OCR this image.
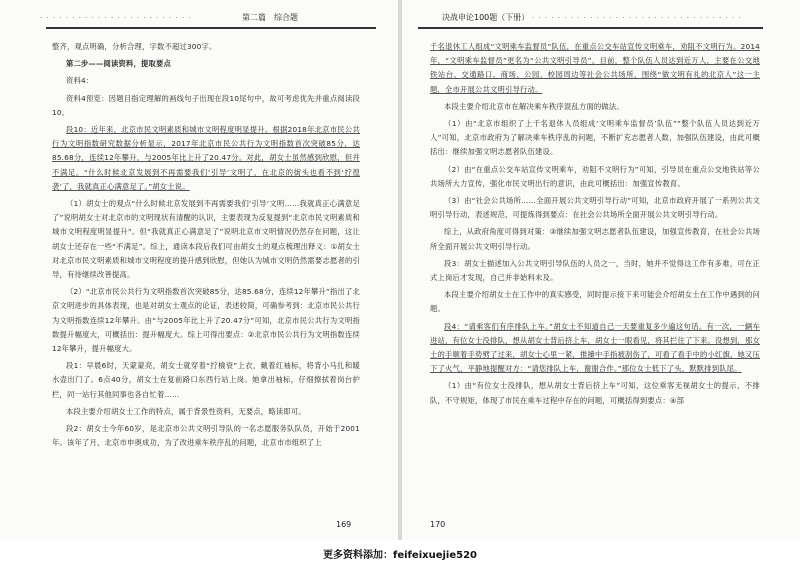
· · · · · · · · · · · · · · · · · · · · · · · ·	第二篇　综合题

整齐，观点明确，分析合理，字数不超过300字。

第二步——阅读资料，提取要点

资料4：

资料4预览：因题目指定理解的画线句子出现在段10尾句中，故可考虑优先并重点阅读段10。

段10：近年来，北京市民文明素质和城市文明程度明显提升。根据2018年北京市民公共行为文明指数研究数据分析显示，2017年北京市民公共行为文明指数首次突破85分，达85.68分，连续12年攀升，与2005年比上升了20.47分。对此，胡女士虽然感到欣慰，但并不满足。“什么时候北京发展到不再需要我们‘引导’文明了，在北京的街头也看不到‘拧徨袭’了，我就真正心满意足了。”胡女士说。

（1）胡女士的观点“什么时候北京发展到不再需要我们‘引导’文明……我就真正心满意足了”说明胡女士对北京市的文明现状有清醒的认识，主要表现为反复提到“北京市民文明素质和城市文明程度明显提升”。但“我就真正心满意足了”说明北京市文明情况仍然存在问题，这让胡女士还存在一些“不满足”。综上，通读本段后我们可由胡女士的观点梳理出释义：①胡女士对北京市民文明素质和城市文明程度的提升感到欣慰，但她认为城市文明仍然需要志愿者的引导，有待继续改善提高。

（2）“北京市民公共行为文明指数首次突破85分，达85.68分，连续12年攀升”指出了北京文明进步的具体表现，也是对胡女士观点的论证，表述较简，可确参考到：北京市民公共行为文明指数连续12年攀升。由“与2005年比上升了20.47分”可知，北京市民公共行为文明指数提升幅度大，可概括出：提升幅度大。综上可得出要点：②北京市民公共行为文明指数连续12年攀升，提升幅度大。

段1：早晨6时，天蒙蒙亮，胡女士就穿着“拧檢衰”上衣，戴着红袖标，将背小马扎和暖水壶出门了。6点40分，胡女士在复前路口东西行站上岗。她拿出袖标，仔细擦拭着岗台护栏，同一站行其他同事也各自忙着……

本段主要介绍胡女士工作的特点，属于背景性资料，无要点，略读即可。

段2：胡女士今年60岁，是北京市公共文明引导队的一名志愿服务队队员，开始于2001年。该年了月，北京市申奥成功，为了改进乘车秩序乱的问题，北京市市组织了上

169
决战申论100题（下册） · · · · · · · · · · · · · · · · · · · · · · · · · · · · · · · · ·

千名退休工人组成“文明乘车监督员”队伍，在重点公交车站宣传文明乘车，劝阻不文明行为。2014年，“文明乘车监督员”更名为“公共文明引导员”。目前，整个队伍人员达到近万人，主要在公交地铁站台、交通路口、商场、公园、校园周边等社会公共场所，围绕“做文明有礼的北京人”这一主题，全市开展公共文明引导行动。

本段主要介绍北京市在解决乘车秩序混乱方面的做法。

（1）由“北京市组织了上千名退休人员组成‘文明乘车监督员’队伍”“整个队伍人员达到近万人”可知，北京市政府为了解决乘车秩序乱的问题，不断扩充志愿者人数，加强队伍建设，由此可概括出：继续加强文明志愿者队伍建设。

（2）由“在重点公交车站宣传文明乘车，劝阻不文明行为”可知，引导员在重点公交地铁站等公共场所大力宣传，强化市民文明出行的意识，由此可概括出：加强宣传教育。

（3）由“社会公共场所……全面开展公共文明引导行动”可知，北京市政府开展了一系列公共文明引导行动，表述规范，可提炼得到要点：在社会公共场所全面开展公共文明引导行动。

综上，从政府角度可得到对策：③继续加强文明志愿者队伍建设，加强宣传教育，在社会公共场所全面开展公共文明引导行动。

段3：胡女士描述加入公共文明引导队伍的人员之一，当时，她并不觉得这工作有多难，可在正式上岗后才发现，自己并非始料未及。

本段主要介绍胡女士在工作中的真实感受，同时提示接下来可能会介绍胡女士在工作中遇到的问题。

段4：“请乘客们有序排队上车。”胡女士不知道自己一天要重复多少遍这句话。有一次，一辆车进站，有位女士没排队，想从胡女士背后挤上车，胡女士一眼看见，将其拦住了下来。没想到，那女士的手顺着手势劈了过来，胡女士心里一紧，推搡中手指被刮伤了，可看了看手中的小红旗，她又压下了火气，平静地提醒对方：“请您排队上车，谢谢合作。”那位女士低下了头，默默排到队尾。

（1）由“有位女士没排队，想从胡女士背后挤上车”可知，这位乘客无视胡女士的提示，不排队，不守规矩，体现了市民在乘车过程中存在的问题，可概括得到要点：④部

170
更多资料添加：feifeixuejie520
